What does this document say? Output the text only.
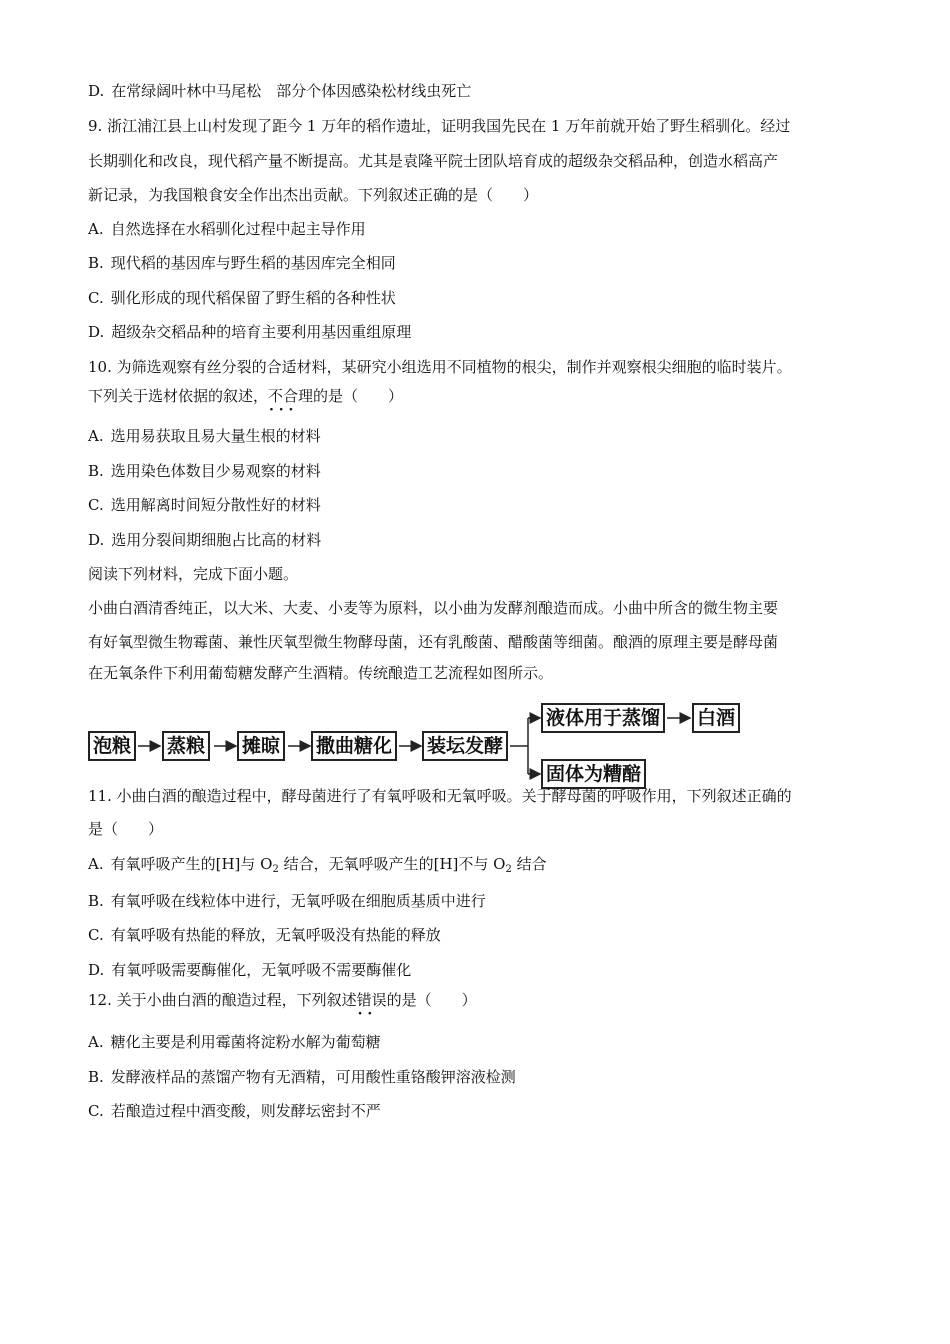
D. 在常绿阔叶林中马尾松　部分个体因感染松材线虫死亡
9. 浙江浦江县上山村发现了距今 1 万年的稻作遗址，证明我国先民在 1 万年前就开始了野生稻驯化。经过
长期驯化和改良，现代稻产量不断提高。尤其是袁隆平院士团队培育成的超级杂交稻品种，创造水稻高产
新记录，为我国粮食安全作出杰出贡献。下列叙述正确的是（　　）
A. 自然选择在水稻驯化过程中起主导作用
B. 现代稻的基因库与野生稻的基因库完全相同
C. 驯化形成的现代稻保留了野生稻的各种性状
D. 超级杂交稻品种的培育主要利用基因重组原理
10. 为筛选观察有丝分裂的合适材料，某研究小组选用不同植物的根尖，制作并观察根尖细胞的临时装片。
下列关于选材依据的叙述，不合理 · · ·的是（　　）
A. 选用易获取且易大量生根的材料
B. 选用染色体数目少易观察的材料
C. 选用解离时间短分散性好的材料
D. 选用分裂间期细胞占比高的材料
阅读下列材料，完成下面小题。
小曲白酒清香纯正，以大米、大麦、小麦等为原料，以小曲为发酵剂酿造而成。小曲中所含的微生物主要
有好氧型微生物霉菌、兼性厌氧型微生物酵母菌，还有乳酸菌、醋酸菌等细菌。酿酒的原理主要是酵母菌
在无氧条件下利用葡萄糖发酵产生酒精。传统酿造工艺流程如图所示。
泡粮 蒸粮 摊晾 撒曲糖化 装坛发酵
液体用于蒸馏 白酒
固体为糟醅
11. 小曲白酒的酿造过程中，酵母菌进行了有氧呼吸和无氧呼吸。关于酵母菌的呼吸作用，下列叙述正确的
是（　　）
A. 有氧呼吸产生的[H]与 $O_2$ 结合，无氧呼吸产生的[H]不与 $O_2$ 结合
B. 有氧呼吸在线粒体中进行，无氧呼吸在细胞质基质中进行
C. 有氧呼吸有热能的释放，无氧呼吸没有热能的释放
D. 有氧呼吸需要酶催化，无氧呼吸不需要酶催化
12. 关于小曲白酒的酿造过程，下列叙述错误 · ·的是（　　）
A. 糖化主要是利用霉菌将淀粉水解为葡萄糖
B. 发酵液样品的蒸馏产物有无酒精，可用酸性重铬酸钾溶液检测
C. 若酿造过程中酒变酸，则发酵坛密封不严
